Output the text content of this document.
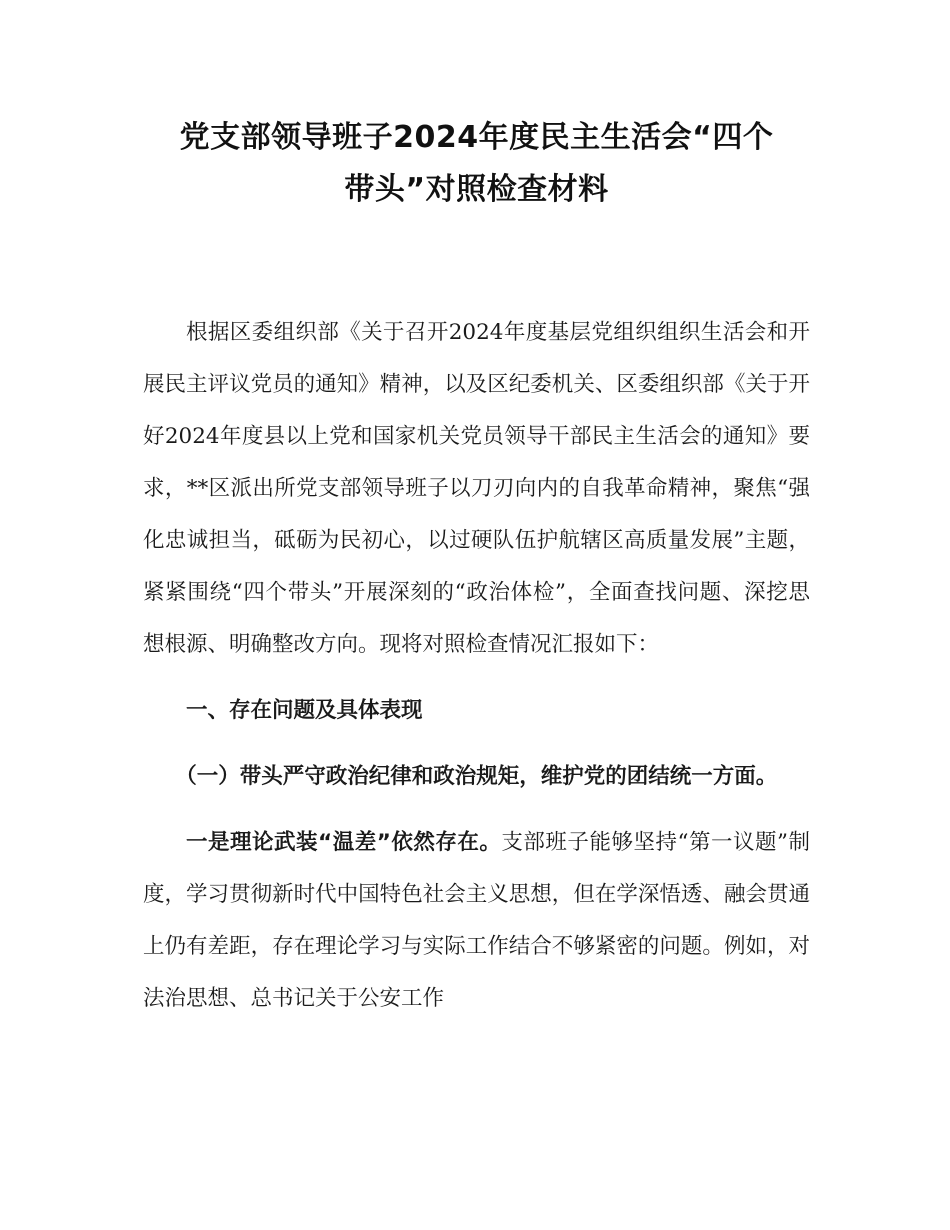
党支部领导班子2024年度民主生活会“四个
带头”对照检查材料

根据区委组织部《关于召开2024年度基层党组织组织生活会和开展民主评议党员的通知》精神，以及区纪委机关、区委组织部《关于开好2024年度县以上党和国家机关党员领导干部民主生活会的通知》要求，**区派出所党支部领导班子以刀刃向内的自我革命精神，聚焦“强化忠诚担当，砥砺为民初心，以过硬队伍护航辖区高质量发展”主题，紧紧围绕“四个带头”开展深刻的“政治体检”，全面查找问题、深挖思想根源、明确整改方向。现将对照检查情况汇报如下：

一、存在问题及具体表现

（一）带头严守政治纪律和政治规矩，维护党的团结统一方面。

一是理论武装“温差”依然存在。支部班子能够坚持“第一议题”制度，学习贯彻新时代中国特色社会主义思想，但在学深悟透、融会贯通上仍有差距，存在理论学习与实际工作结合不够紧密的问题。例如，对法治思想、总书记关于公安工作
